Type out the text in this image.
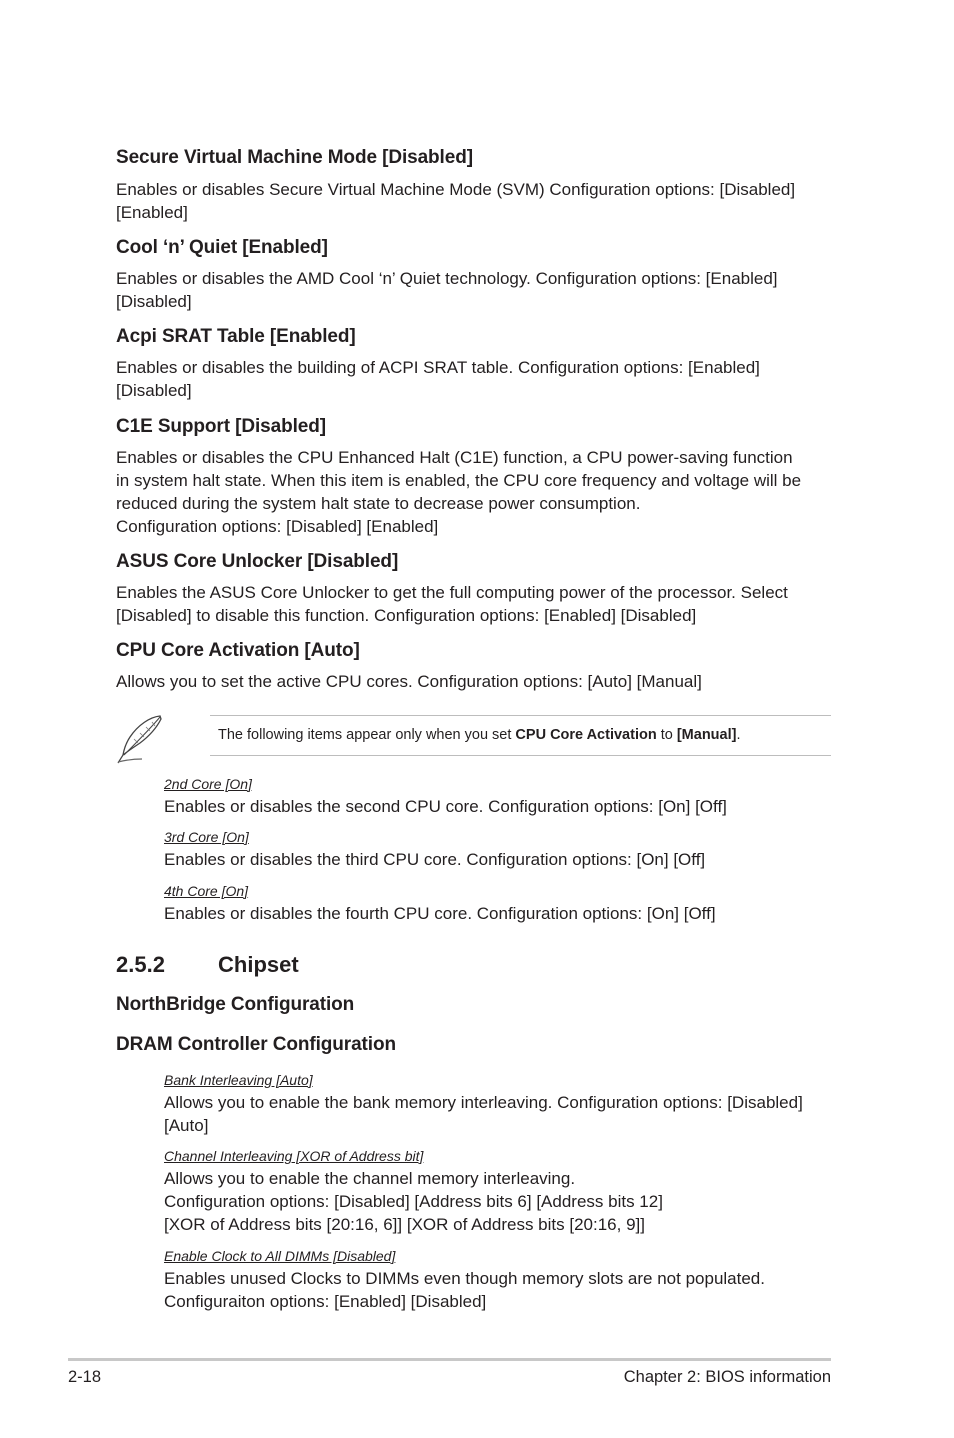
Secure Virtual Machine Mode [Disabled]
Enables or disables Secure Virtual Machine Mode (SVM) Configuration options: [Disabled]
[Enabled]
Cool ‘n’ Quiet [Enabled]
Enables or disables the AMD Cool ‘n’ Quiet technology. Configuration options: [Enabled]
[Disabled]
Acpi SRAT Table [Enabled]
Enables or disables the building of ACPI SRAT table. Configuration options: [Enabled]
[Disabled]
C1E Support [Disabled]
Enables or disables the CPU Enhanced Halt (C1E) function, a CPU power-saving function
in system halt state. When this item is enabled, the CPU core frequency and voltage will be
reduced during the system halt state to decrease power consumption.
Configuration options: [Disabled] [Enabled]
ASUS Core Unlocker [Disabled]
Enables the ASUS Core Unlocker to get the full computing power of the processor. Select
[Disabled] to disable this function. Configuration options: [Enabled] [Disabled]
CPU Core Activation [Auto]
Allows you to set the active CPU cores. Configuration options: [Auto] [Manual]
The following items appear only when you set CPU Core Activation to [Manual].
2nd Core [On]
Enables or disables the second CPU core. Configuration options: [On] [Off]
3rd Core [On]
Enables or disables the third CPU core. Configuration options: [On] [Off]
4th Core [On]
Enables or disables the fourth CPU core. Configuration options: [On] [Off]
2.5.2 Chipset
NorthBridge Configuration
DRAM Controller Configuration
Bank Interleaving [Auto]
Allows you to enable the bank memory interleaving. Configuration options: [Disabled]
[Auto]
Channel Interleaving [XOR of Address bit]
Allows you to enable the channel memory interleaving.
Configuration options: [Disabled] [Address bits 6] [Address bits 12]
[XOR of Address bits [20:16, 6]] [XOR of Address bits [20:16, 9]]
Enable Clock to All DIMMs [Disabled]
Enables unused Clocks to DIMMs even though memory slots are not populated.
Configuraiton options: [Enabled] [Disabled]
2-18	Chapter 2: BIOS information
